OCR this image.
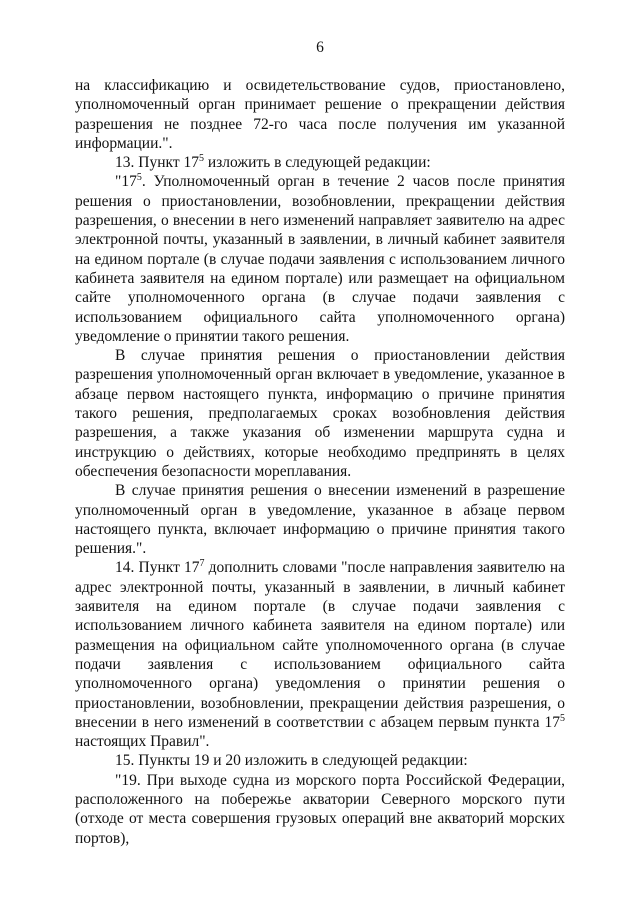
6

на классификацию и освидетельствование судов, приостановлено, уполномоченный орган принимает решение о прекращении действия разрешения не позднее 72-го часа после получения им указанной информации.".

13. Пункт $17^5$ изложить в следующей редакции:

"$17^5$. Уполномоченный орган в течение 2 часов после принятия решения о приостановлении, возобновлении, прекращении действия разрешения, о внесении в него изменений направляет заявителю на адрес электронной почты, указанный в заявлении, в личный кабинет заявителя на едином портале (в случае подачи заявления с использованием личного кабинета заявителя на едином портале) или размещает на официальном сайте уполномоченного органа (в случае подачи заявления с использованием официального сайта уполномоченного органа) уведомление о принятии такого решения.

В случае принятия решения о приостановлении действия разрешения уполномоченный орган включает в уведомление, указанное в абзаце первом настоящего пункта, информацию о причине принятия такого решения, предполагаемых сроках возобновления действия разрешения, а также указания об изменении маршрута судна и инструкцию о действиях, которые необходимо предпринять в целях обеспечения безопасности мореплавания.

В случае принятия решения о внесении изменений в разрешение уполномоченный орган в уведомление, указанное в абзаце первом настоящего пункта, включает информацию о причине принятия такого решения.".

14. Пункт $17^7$ дополнить словами "после направления заявителю на адрес электронной почты, указанный в заявлении, в личный кабинет заявителя на едином портале (в случае подачи заявления с использованием личного кабинета заявителя на едином портале) или размещения на официальном сайте уполномоченного органа (в случае подачи заявления с использованием официального сайта уполномоченного органа) уведомления о принятии решения о приостановлении, возобновлении, прекращении действия разрешения, о внесении в него изменений в соответствии с абзацем первым пункта $17^5$ настоящих Правил".

15. Пункты 19 и 20 изложить в следующей редакции:

"19. При выходе судна из морского порта Российской Федерации, расположенного на побережье акватории Северного морского пути (отходе от места совершения грузовых операций вне акваторий морских портов),
